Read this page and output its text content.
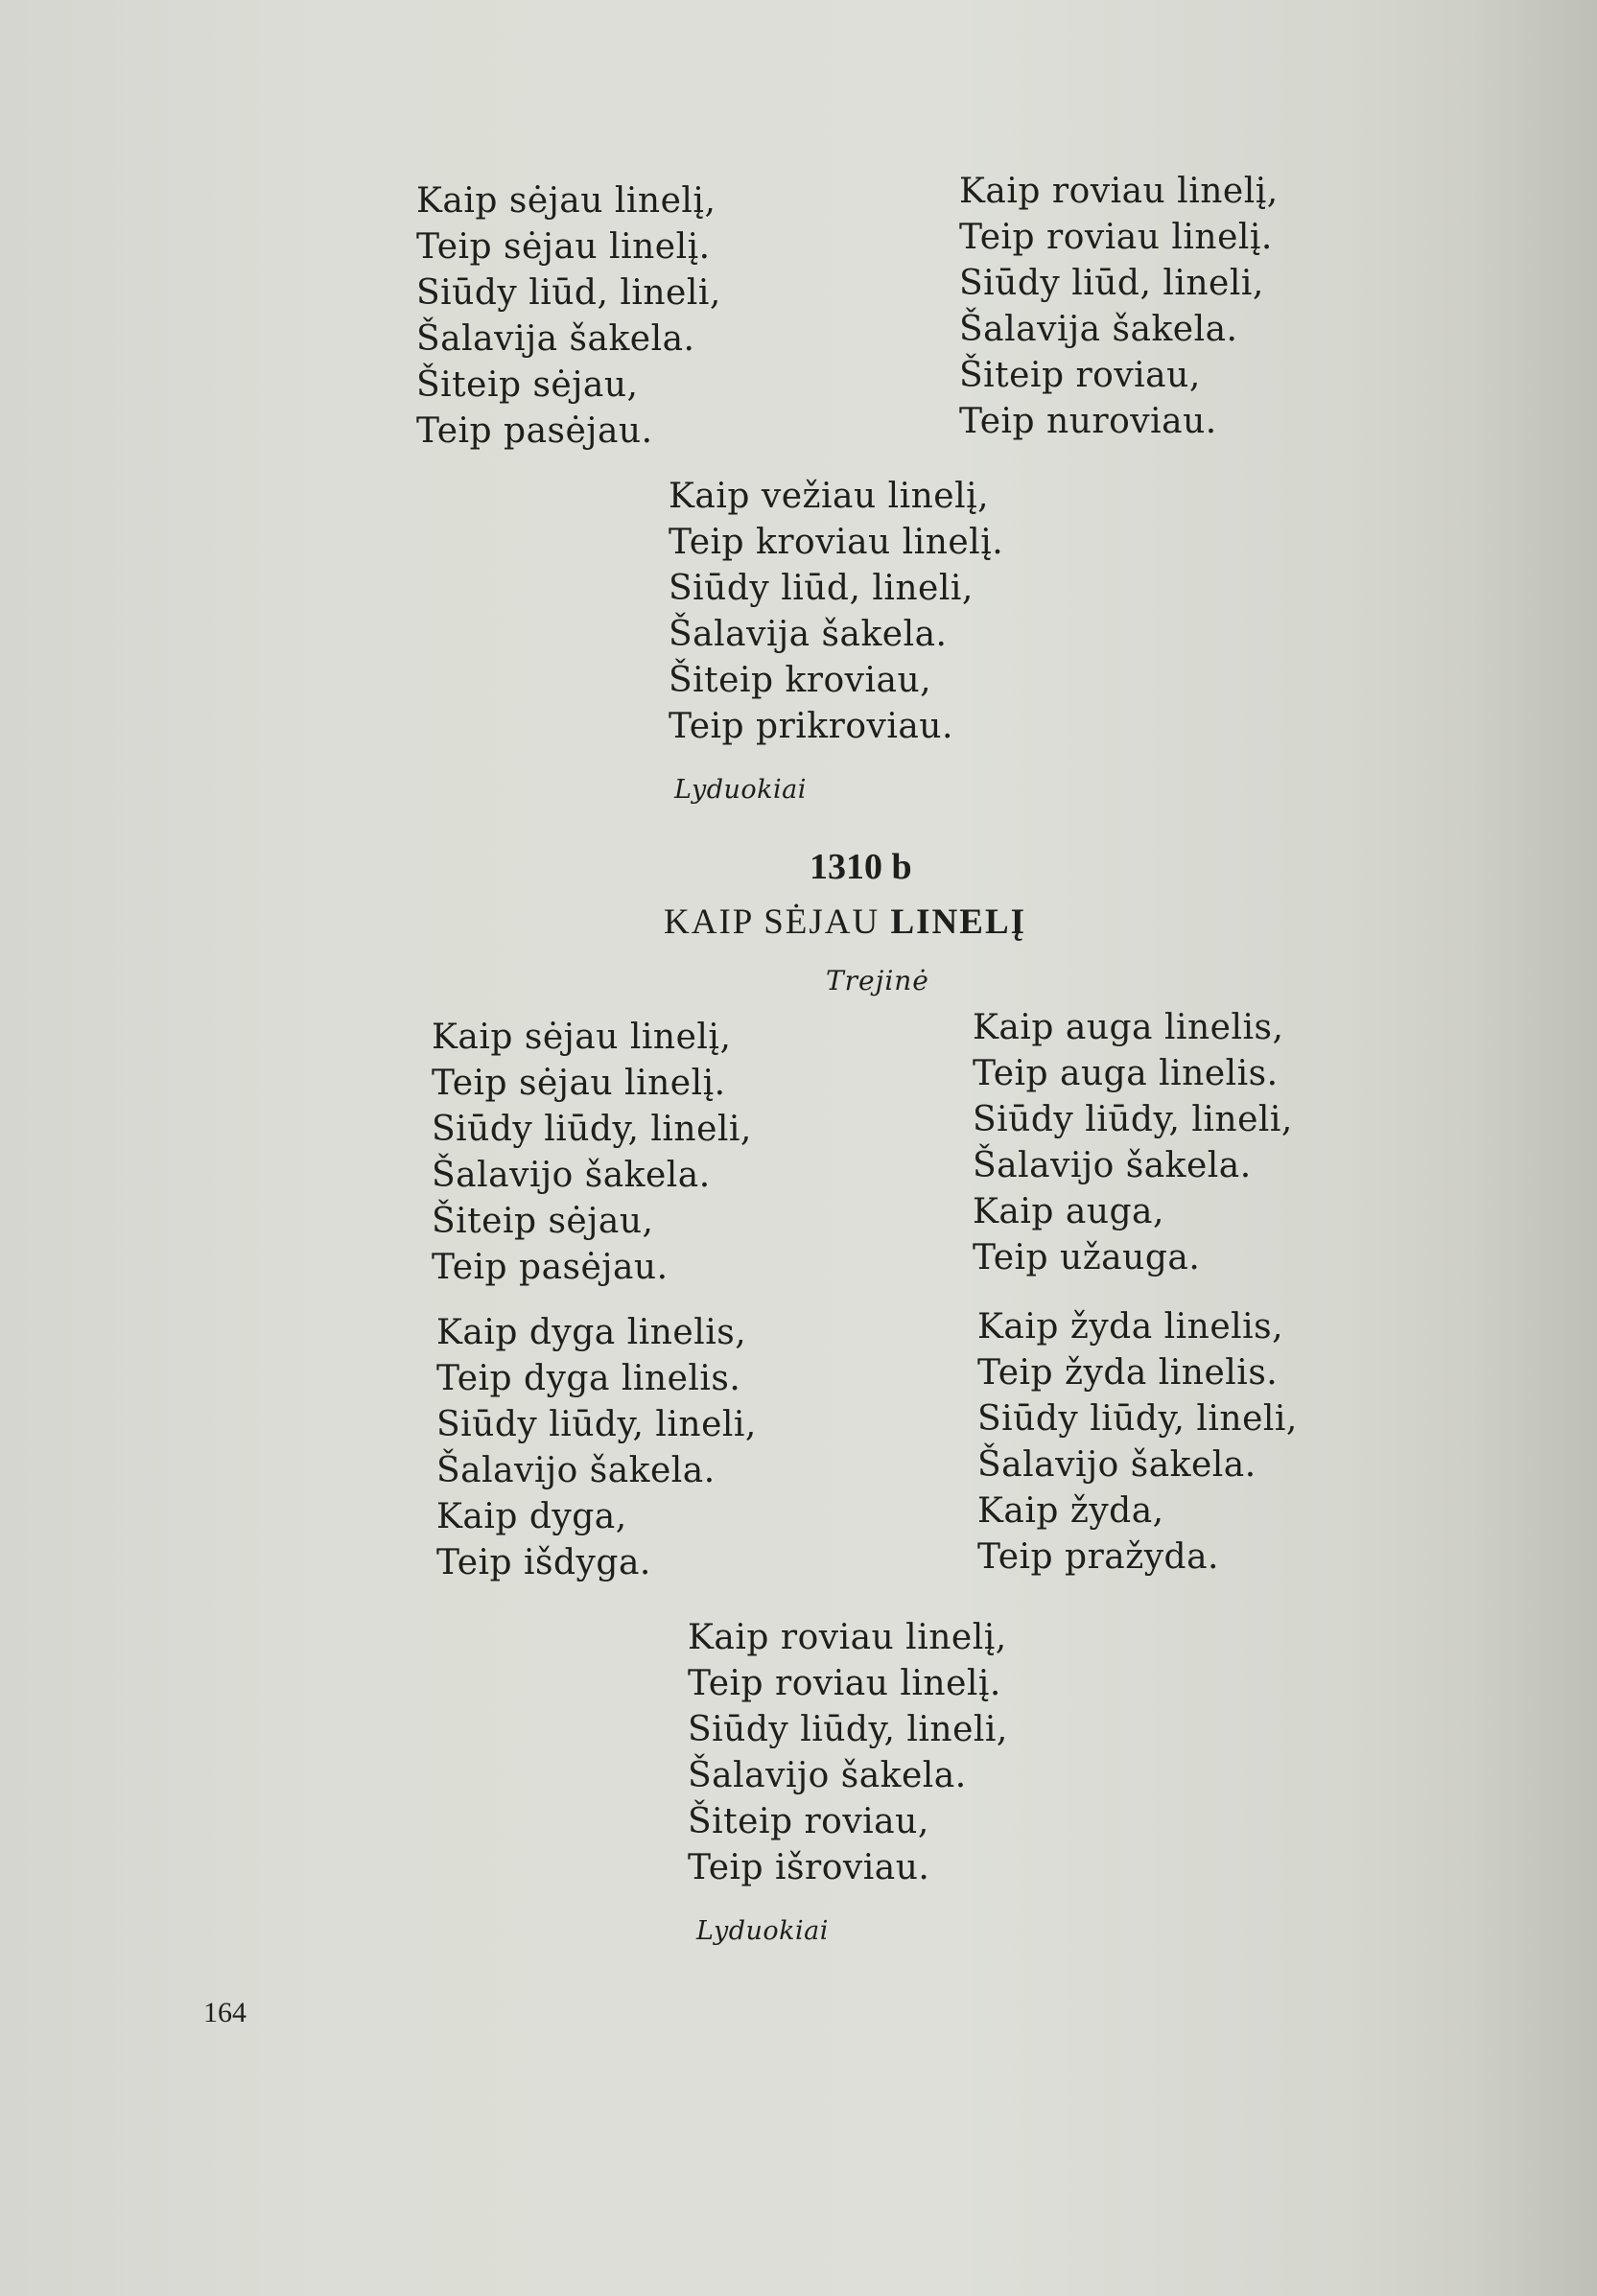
Kaip sėjau linelį,
Teip sėjau linelį.
Siūdy liūd, lineli,
Šalavija šakela.
Šiteip sėjau,
Teip pasėjau.
Kaip roviau linelį,
Teip roviau linelį.
Siūdy liūd, lineli,
Šalavija šakela.
Šiteip roviau,
Teip nuroviau.
Kaip vežiau linelį,
Teip kroviau linelį.
Siūdy liūd, lineli,
Šalavija šakela.
Šiteip kroviau,
Teip prikroviau.
Lyduokiai
1310 b
KAIP SĖJAU LINELĮ
Trejinė
Kaip sėjau linelį,
Teip sėjau linelį.
Siūdy liūdy, lineli,
Šalavijo šakela.
Šiteip sėjau,
Teip pasėjau.
Kaip auga linelis,
Teip auga linelis.
Siūdy liūdy, lineli,
Šalavijo šakela.
Kaip auga,
Teip užauga.
Kaip dyga linelis,
Teip dyga linelis.
Siūdy liūdy, lineli,
Šalavijo šakela.
Kaip dyga,
Teip išdyga.
Kaip žyda linelis,
Teip žyda linelis.
Siūdy liūdy, lineli,
Šalavijo šakela.
Kaip žyda,
Teip pražyda.
Kaip roviau linelį,
Teip roviau linelį.
Siūdy liūdy, lineli,
Šalavijo šakela.
Šiteip roviau,
Teip išroviau.
Lyduokiai
164
